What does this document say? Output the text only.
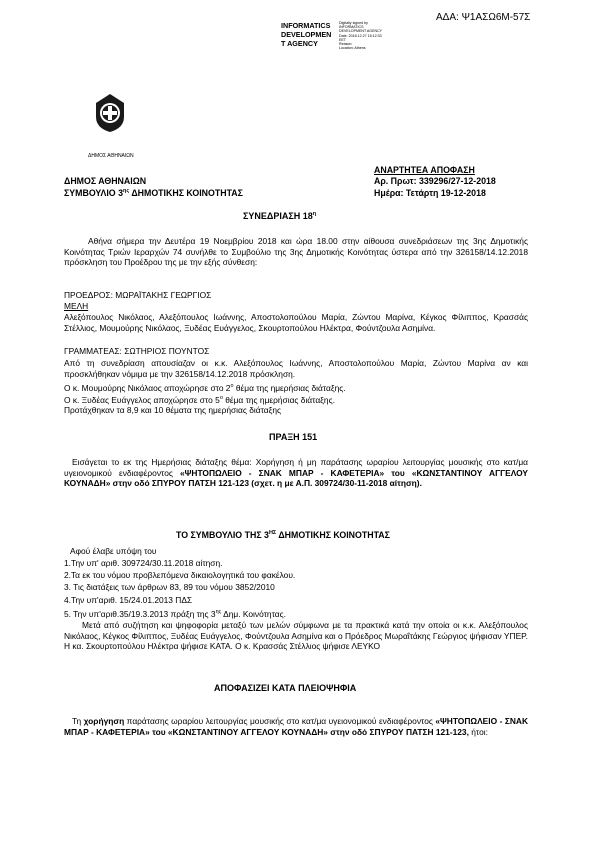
ΑΔΑ: Ψ1ΑΣΩ6Μ-57Σ
INFORMATICS
DEVELOPMEN
T AGENCY
Digitally signed by
INFORMATICS
DEVELOPMENT AGENCY
Date: 2018.12.27 15:12:33
EET
Reason:
Location: Athens
ΔΗΜΟΣ ΑΘΗΝΑΙΩΝ
ΑΝΑΡΤΗΤΕΑ ΑΠΟΦΑΣΗ
Αρ. Πρωτ: 339296/27-12-2018
Ημέρα: Τετάρτη 19-12-2018
ΔΗΜΟΣ ΑΘΗΝΑΙΩΝ
ΣΥΜΒΟΥΛΙΟ $3^{\eta\varsigma}$ ΔΗΜΟΤΙΚΗΣ ΚΟΙΝΟΤΗΤΑΣ
ΣΥΝΕΔΡΙΑΣΗ $18^\eta$
Αθήνα σήμερα την Δευτέρα 19 Νοεμβρίου 2018 και ώρα 18.00 στην αίθουσα συνεδριάσεων της 3ης Δημοτικής Κοινότητας Τριών Ιεραρχών 74 συνήλθε το Συμβούλιο της 3ης Δημοτικής Κοινότητας ύστερα από την 326158/14.12.2018 πρόσκληση του Προέδρου της με την εξής σύνθεση:
ΠΡΟΕΔΡΟΣ: ΜΩΡΑΪΤΑΚΗΣ ΓΕΩΡΓΙΟΣ
ΜΕΛΗ
Αλεξόπουλος Νικόλαος, Αλεξόπουλος Ιωάννης, Αποστολοπούλου Μαρία, Ζώντου Μαρίνα, Κέγκος Φίλιππος, Κρασσάς Στέλλιος, Μουμούρης Νικόλαος, Ξυδέας Ευάγγελος, Σκουρτοπούλου Ηλέκτρα, Φούντζουλα Ασημίνα.
ΓΡΑΜΜΑΤΕΑΣ: ΣΩΤΗΡΙΟΣ ΠΟΥΝΤΟΣ
Από τη συνεδρίαση απουσίαζαν οι κ.κ. Αλεξόπουλος Ιωάννης, Αποστολοπούλου Μαρία, Ζώντου Μαρίνα αν και προσκλήθηκαν νόμιμα με την 326158/14.12.2018 πρόσκληση.
Ο κ. Μουμούρης Νικόλαος αποχώρησε στο $2^o$ θέμα της ημερήσιας διάταξης.
Ο κ. Ξυδέας Ευάγγελος αποχώρησε στο $5^o$ θέμα της ημερήσιας διάταξης.
Προτάχθηκαν τα 8,9 και 10 θέματα της ημερήσιας διάταξης
ΠΡΑΞΗ 151
Εισάγεται το εκ της Ημερήσιας διάταξης θέμα: Χορήγηση ή μη παράτασης ωραρίου λειτουργίας μουσικής στο κατ/μα υγειονομικού ενδιαφέροντος «ΨΗΤΟΠΩΛΕΙΟ - ΣΝΑΚ ΜΠΑΡ - ΚΑΦΕΤΕΡΙΑ» του «ΚΩΝΣΤΑΝΤΙΝΟΥ ΑΓΓΕΛΟΥ ΚΟΥΝΑΔΗ» στην οδό ΣΠΥΡΟΥ ΠΑΤΣΗ 121-123 (σχετ. η με Α.Π. 309724/30-11-2018 αίτηση).
ΤΟ ΣΥΜΒΟΥΛΙΟ ΤΗΣ $3^{H\Sigma}$ ΔΗΜΟΤΙΚΗΣ ΚΟΙΝΟΤΗΤΑΣ
Αφού έλαβε υπόψη του
1.Την υπ' αριθ. 309724/30.11.2018 αίτηση.
2.Τα εκ του νόμου προβλεπόμενα δικαιολογητικά του φακέλου.
3. Τις διατάξεις των άρθρων 83, 89 του νόμου 3852/2010
4.Την υπ'αριθ. 15/24.01.2013 ΠΔΣ
5. Την υπ'αριθ.35/19.3.2013 πράξη της $3^{\eta\varsigma}$ Δημ. Κοινότητας.
Μετά από συζήτηση και ψηφοφορία μεταξύ των μελών σύμφωνα με τα πρακτικά κατά την οποία οι κ.κ. Αλεξόπουλος Νικόλαος, Κέγκος Φίλιππος, Ξυδέας Ευάγγελος, Φούντζουλα Ασημίνα και ο Πρόεδρος Μωραΐτάκης Γεώργιος ψήφισαν ΥΠΕΡ. Η κα. Σκουρτοπούλου Ηλέκτρα ψήφισε ΚΑΤΑ. Ο κ. Κρασσάς Στέλλιος ψήφισε ΛΕΥΚΟ
ΑΠΟΦΑΣΙΖΕΙ ΚΑΤΑ ΠΛΕΙΟΨΗΦΙΑ
Τη χορήγηση παράτασης ωραρίου λειτουργίας μουσικής στο κατ/μα υγειονομικού ενδιαφέροντος «ΨΗΤΟΠΩΛΕΙΟ - ΣΝΑΚ ΜΠΑΡ - ΚΑΦΕΤΕΡΙΑ» του «ΚΩΝΣΤΑΝΤΙΝΟΥ ΑΓΓΕΛΟΥ ΚΟΥΝΑΔΗ» στην οδό ΣΠΥΡΟΥ ΠΑΤΣΗ 121-123, ήτοι:
